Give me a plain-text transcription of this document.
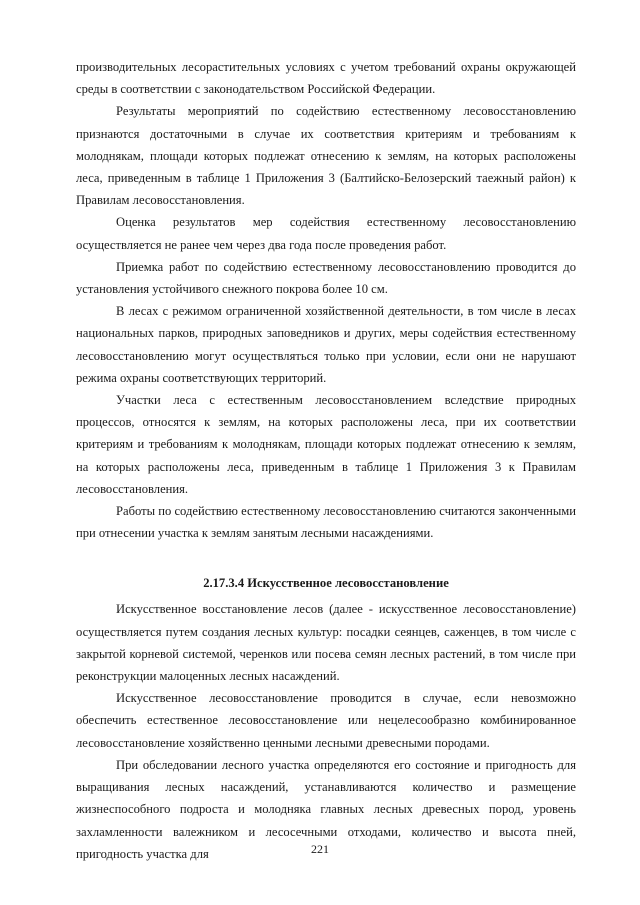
производительных лесорастительных условиях с учетом требований охраны окружающей среды в соответствии с законодательством Российской Федерации.

Результаты мероприятий по содействию естественному лесовосстановлению признаются достаточными в случае их соответствия критериям и требованиям к молоднякам, площади которых подлежат отнесению к землям, на которых расположены леса, приведенным в таблице 1 Приложения 3 (Балтийско-Белозерский таежный район) к Правилам лесовосстановления.

Оценка результатов мер содействия естественному лесовосстановлению осуществляется не ранее чем через два года после проведения работ.

Приемка работ по содействию естественному лесовосстановлению проводится до установления устойчивого снежного покрова более 10 см.

В лесах с режимом ограниченной хозяйственной деятельности, в том числе в лесах национальных парков, природных заповедников и других, меры содействия естественному лесовосстановлению могут осуществляться только при условии, если они не нарушают режима охраны соответствующих территорий.

Участки леса с естественным лесовосстановлением вследствие природных процессов, относятся к землям, на которых расположены леса, при их соответствии критериям и требованиям к молоднякам, площади которых подлежат отнесению к землям, на которых расположены леса, приведенным в таблице 1 Приложения 3 к Правилам лесовосстановления.

Работы по содействию естественному лесовосстановлению считаются законченными при отнесении участка к землям занятым лесными насаждениями.

2.17.3.4 Искусственное лесовосстановление

Искусственное восстановление лесов (далее - искусственное лесовосстановление) осуществляется путем создания лесных культур: посадки сеянцев, саженцев, в том числе с закрытой корневой системой, черенков или посева семян лесных растений, в том числе при реконструкции малоценных лесных насаждений.

Искусственное лесовосстановление проводится в случае, если невозможно обеспечить естественное лесовосстановление или нецелесообразно комбинированное лесовосстановление хозяйственно ценными лесными древесными породами.

При обследовании лесного участка определяются его состояние и пригодность для выращивания лесных насаждений, устанавливаются количество и размещение жизнеспособного подроста и молодняка главных лесных древесных пород, уровень захламленности валежником и лесосечными отходами, количество и высота пней, пригодность участка для	221
